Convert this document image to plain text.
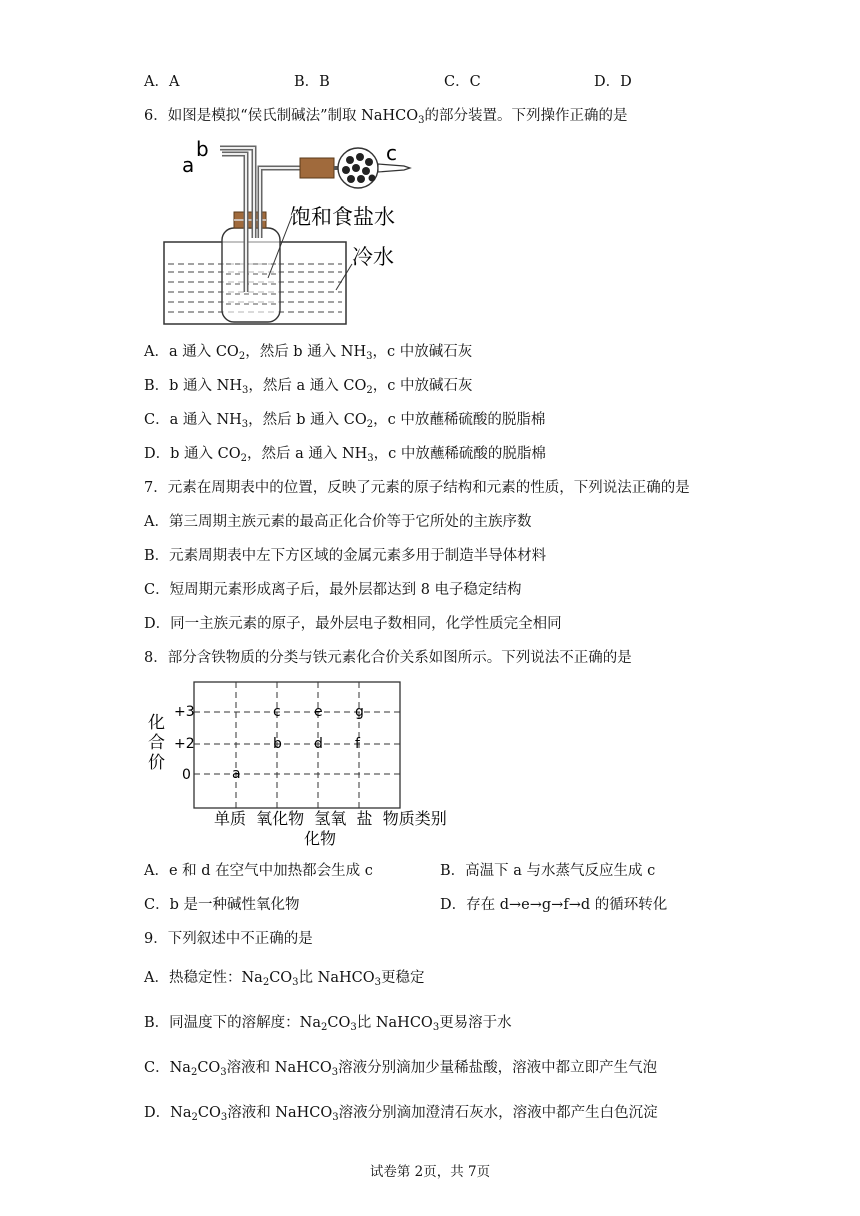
A．A	B．B	C．C	D．D
6．如图是模拟“侯氏制碱法”制取 NaHCO$_3$的部分装置。下列操作正确的是
a
b	c
饱和食盐水
冷水
A．a 通入 $CO_2$，然后 b 通入 $NH_3$，c 中放碱石灰
B．b 通入 $NH_3$，然后 a 通入 $CO_2$，c 中放碱石灰
C．a 通入 $NH_3$，然后 b 通入 $CO_2$，c 中放蘸稀硫酸的脱脂棉
D．b 通入 $CO_2$，然后 a 通入 $NH_3$，c 中放蘸稀硫酸的脱脂棉
7．元素在周期表中的位置，反映了元素的原子结构和元素的性质，下列说法正确的是
A．第三周期主族元素的最高正化合价等于它所处的主族序数
B．元素周期表中左下方区域的金属元素多用于制造半导体材料
C．短周期元素形成离子后，最外层都达到 8 电子稳定结构
D．同一主族元素的原子，最外层电子数相同，化学性质完全相同
8．部分含铁物质的分类与铁元素化合价关系如图所示。下列说法不正确的是
化
合
价
+3
+2
0	a
b
c
d
e
f
g
单质  氧化物  氢氧  盐  物质类别
化物
A．e 和 d 在空气中加热都会生成 c	B．高温下 a 与水蒸气反应生成 c
C．b 是一种碱性氧化物	D．存在 d→e→g→f→d 的循环转化
9．下列叙述中不正确的是
A．热稳定性：$Na_2CO_3$比 NaHCO$_3$更稳定
B．同温度下的溶解度：$Na_2CO_3$比 NaHCO$_3$更易溶于水
C．$Na_2CO_3$溶液和 NaHCO$_3$溶液分别滴加少量稀盐酸，溶液中都立即产生气泡
D．$Na_2CO_3$溶液和 NaHCO$_3$溶液分别滴加澄清石灰水，溶液中都产生白色沉淀
试卷第 2页，共 7页
